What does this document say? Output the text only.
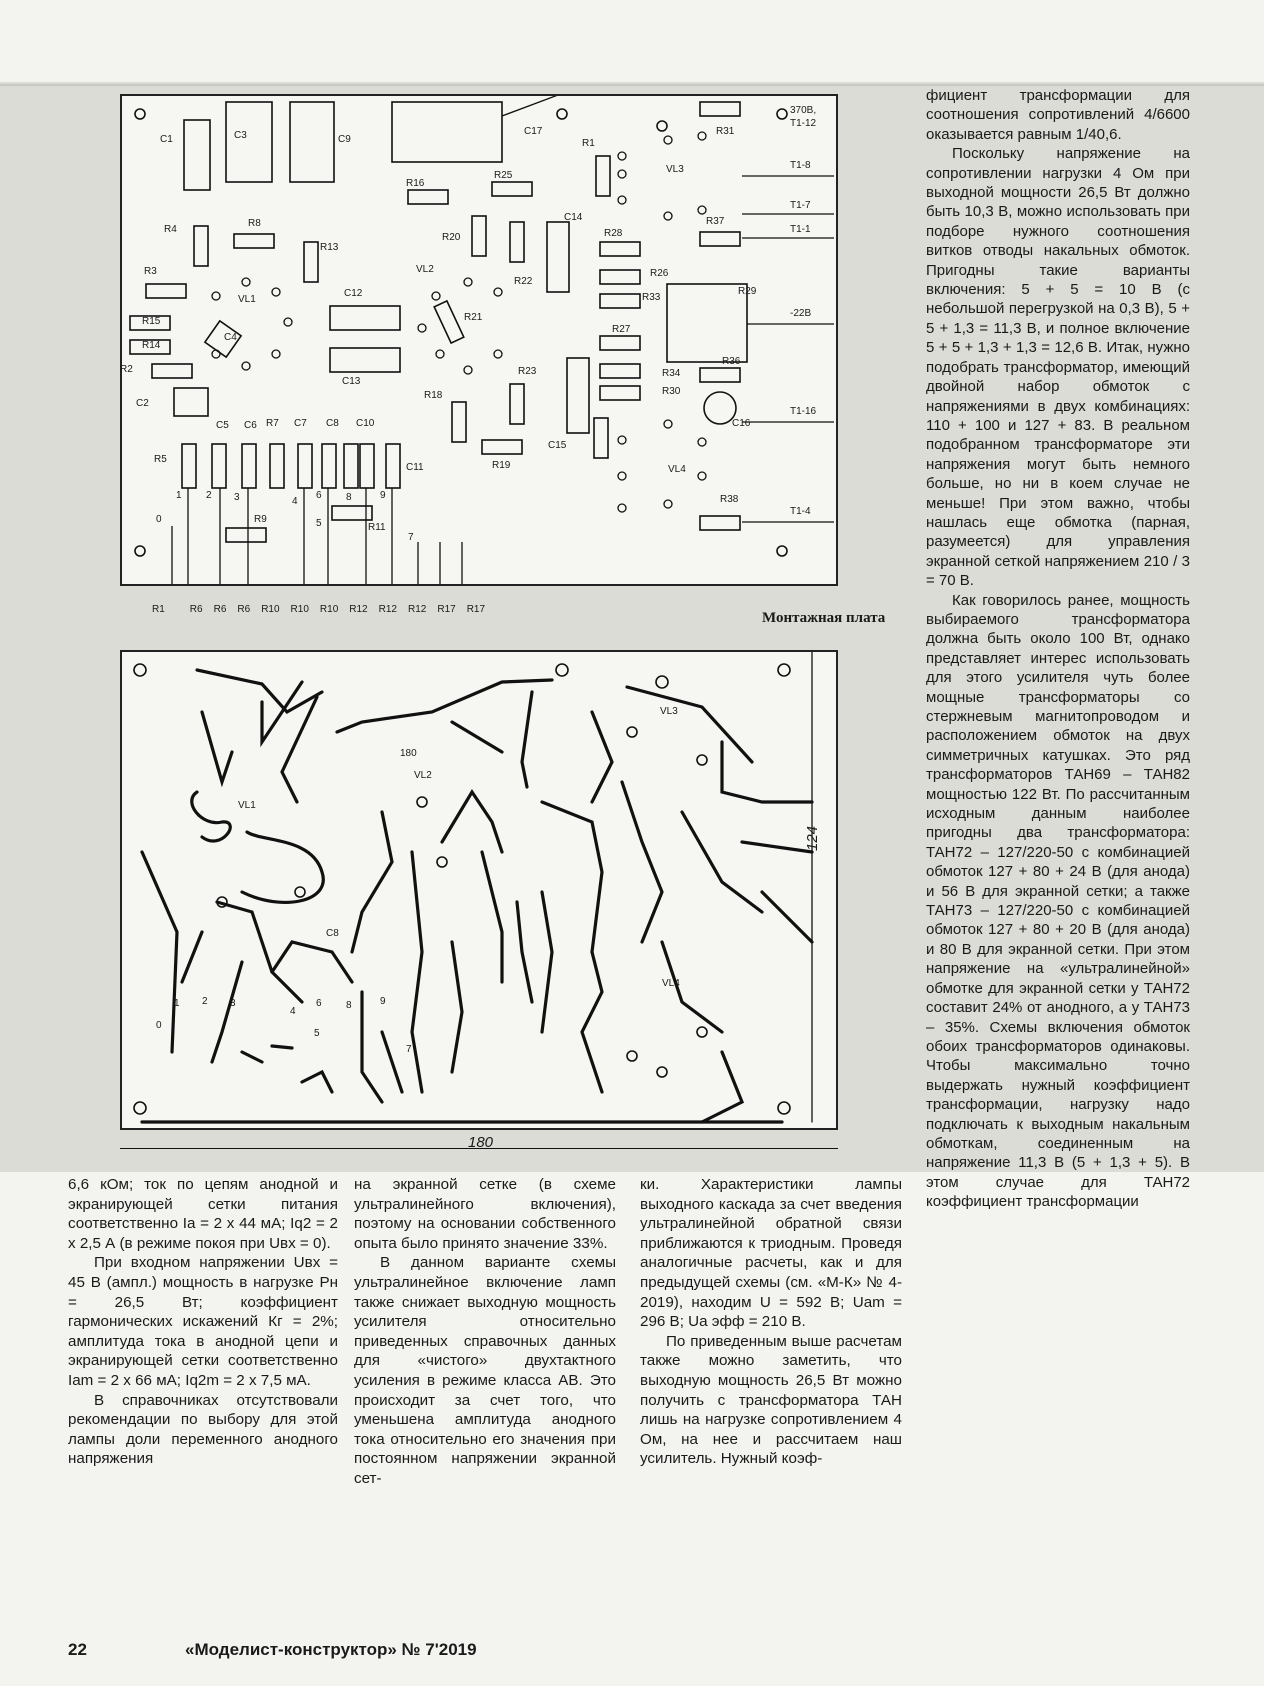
370В,
Т1-12
Т1-8
Т1-7
Т1-1
-22В
Т1-16
Т1-4
C1	C3	C9
C17
R1
R31
VL3
R16
R25
C14
R4
R8
R13
R20
R37
R3
VL1
C12
VL2
R22
R28
R26
R29
R15
R14
C4
R21
R33
R27
C13
R2
R36
R34
R23
R30
C2
R18
C16
C5 C6 R7 C7 C8 C10
R5
C15
R19
C11	VL4
R38
R9
R11
1 2 3	4
6 8	9
0	5
7
R1	R6 R6 R6 R10 R10 R10 R12 R12 R12 R17 R17
Монтажная плата
VL3
VL2
VL1
VL4
C8
180
1 2 3
4
6 8	9
0
5
7
124
180

6,6 кОм; ток по цепям анодной и экранирующей сетки питания соответственно Iа = 2 х 44 мА; Iq2 = 2 х 2,5 А (в режиме покоя при Uвх = 0).

При входном напряжении Uвх = 45 В (ампл.) мощность в нагрузке Рн = 26,5 Вт; коэффициент гармонических искажений Кг = 2%; амплитуда тока в анодной цепи и экранирующей сетки соответственно Iam = 2 х 66 мА; Iq2m = 2 х 7,5 мА.

В справочниках отсутствовали рекомендации по выбору для этой лампы доли переменного анодного напряжения

на экранной сетке (в схеме ультралинейного включения), поэтому на основании собственного опыта было принято значение 33%.

В данном варианте схемы ультралинейное включение ламп также снижает выходную мощность усилителя относительно приведенных справочных данных для «чистого» двухтактного усиления в режиме класса АВ. Это происходит за счет того, что уменьшена амплитуда анодного тока относительно его значения при постоянном напряжении экранной сет-

ки. Характеристики лампы выходного каскада за счет введения ультралинейной обратной связи приближаются к триодным. Проведя аналогичные расчеты, как и для предыдущей схемы (см. «М-К» № 4-2019), находим U = 592 В; Uam = 296 В; Uа эфф = 210 В.

По приведенным выше расчетам также можно заметить, что выходную мощность 26,5 Вт можно получить с трансформатора ТАН лишь на нагрузке сопротивлением 4 Ом, на нее и рассчитаем наш усилитель. Нужный коэф-

фициент трансформации для соотношения сопротивлений 4/6600 оказывается равным 1/40,6.

Поскольку напряжение на сопротивлении нагрузки 4 Ом при выходной мощности 26,5 Вт должно быть 10,3 В, можно использовать при подборе нужного соотношения витков отводы накальных обмоток. Пригодны такие варианты включения: 5 + 5 = 10 В (с небольшой перегрузкой на 0,3 В), 5 + 5 + 1,3 = 11,3 В, и полное включение 5 + 5 + 1,3 + 1,3 = 12,6 В. Итак, нужно подобрать трансформатор, имеющий двойной набор обмоток с напряжениями в двух комбинациях: 110 + 100 и 127 + 83. В реальном подобранном трансформаторе эти напряжения могут быть немного больше, но ни в коем случае не меньше! При этом важно, чтобы нашлась еще обмотка (парная, разумеется) для управления экранной сеткой напряжением 210 / 3 = 70 В.

Как говорилось ранее, мощность выбираемого трансформатора должна быть около 100 Вт, однако представляет интерес использовать для этого усилителя чуть более мощные трансформаторы со стержневым магнитопроводом и расположением обмоток на двух симметричных катушках. Это ряд трансформаторов ТАН69 – ТАН82 мощностью 122 Вт. По рассчитанным исходным данным наиболее пригодны два трансформатора: ТАН72 – 127/220-50 с комбинацией обмоток 127 + 80 + 24 В (для анода) и 56 В для экранной сетки; а также ТАН73 – 127/220-50 с комбинацией обмоток 127 + 80 + 20 В (для анода) и 80 В для экранной сетки. При этом напряжение на «ультралинейной» обмотке для экранной сетки у ТАН72 составит 24% от анодного, а у ТАН73 – 35%. Схемы включения обмоток обоих трансформаторов одинаковы. Чтобы максимально точно выдержать нужный коэффициент трансформации, нагрузку надо подключать к выходным накальным обмоткам, соединенным на напряжение 11,3 В (5 + 1,3 + 5). В этом случае для ТАН72 коэффициент трансформации

22	«Моделист-конструктор» № 7'2019
